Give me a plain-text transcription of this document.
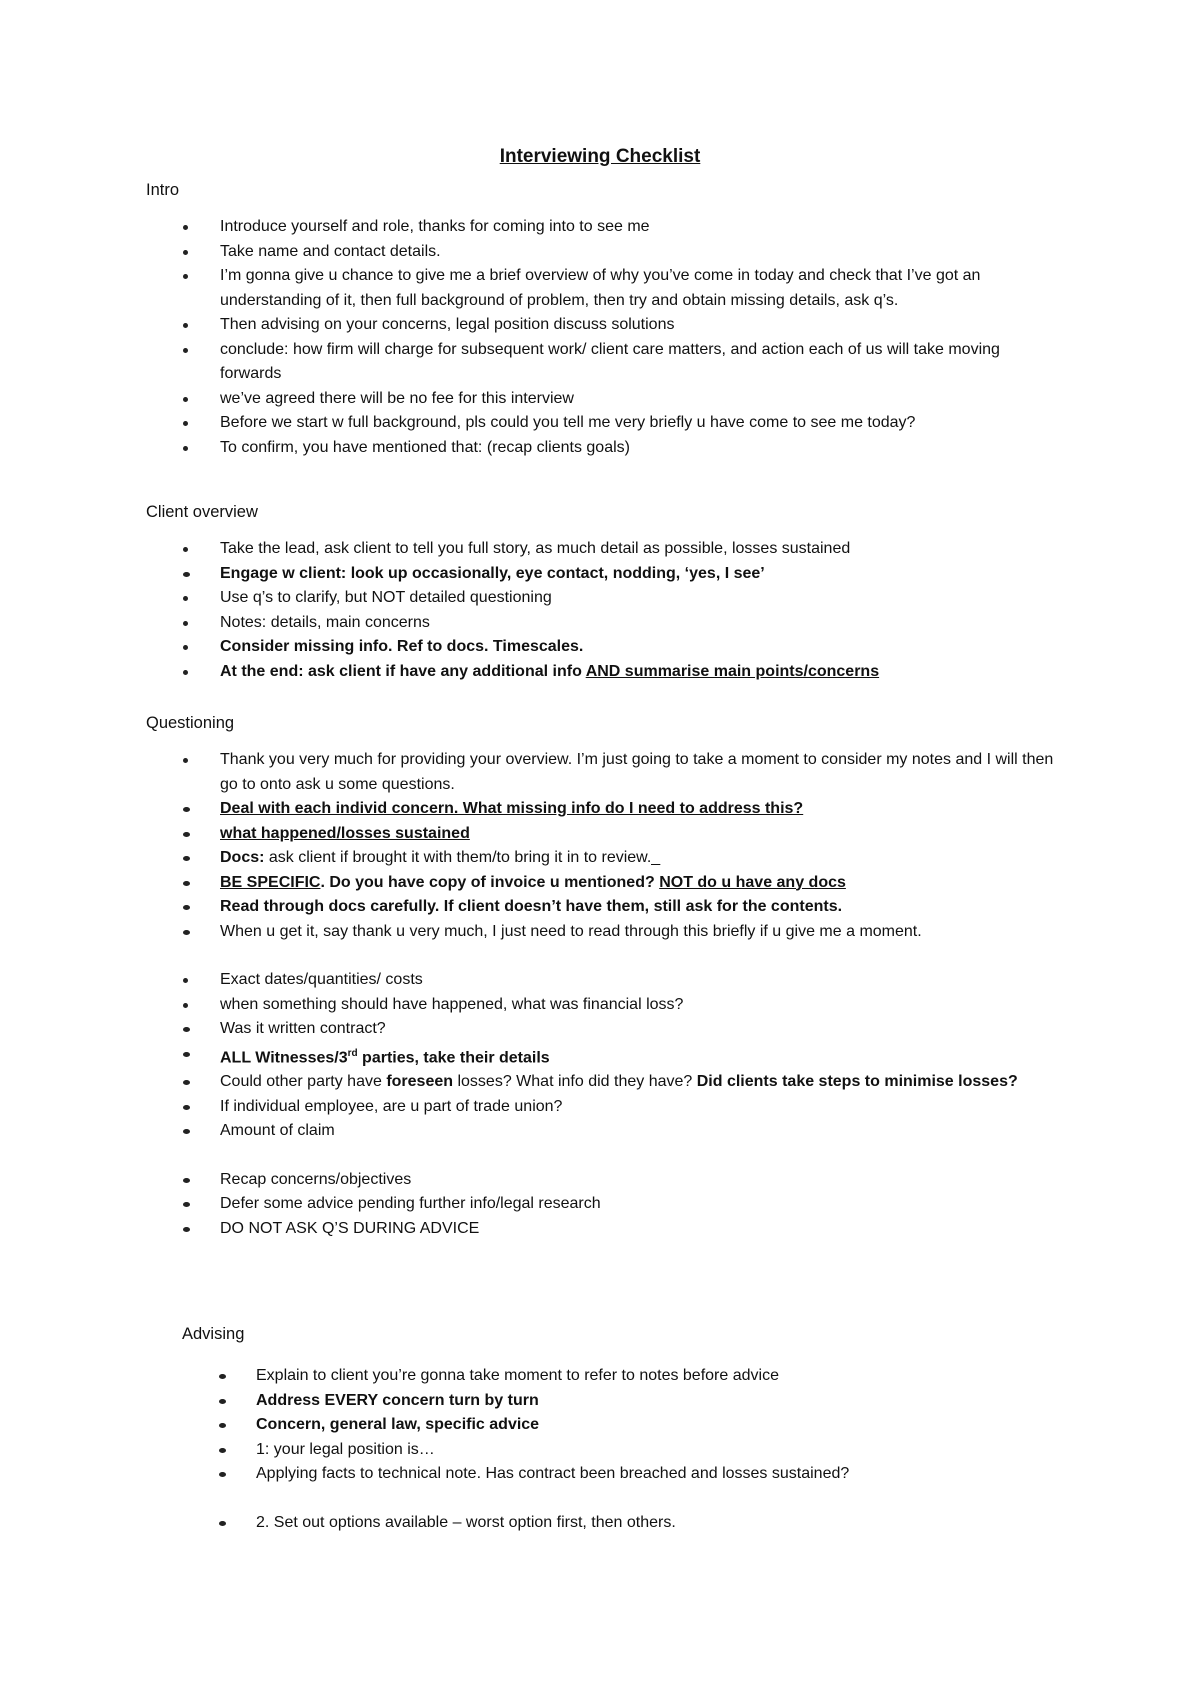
Interviewing Checklist
Intro
Introduce yourself and role, thanks for coming into to see me
Take name and contact details.
I’m gonna give u chance to give me a brief overview of why you’ve come in today and check that I’ve got an understanding of it, then full background of problem, then try and obtain missing details, ask q’s.
Then advising on your concerns, legal position discuss solutions
conclude: how firm will charge for subsequent work/ client care matters, and action each of us will take moving forwards
we’ve agreed there will be no fee for this interview
Before we start w full background, pls could you tell me very briefly u have come to see me today?
To confirm, you have mentioned that: (recap clients goals)
Client overview
Take the lead, ask client to tell you full story, as much detail as possible, losses sustained
Engage w client: look up occasionally, eye contact, nodding, ‘yes, I see’
Use q’s to clarify, but NOT detailed questioning
Notes: details, main concerns
Consider missing info. Ref to docs. Timescales.
At the end: ask client if have any additional info AND summarise main points/concerns
Questioning
Thank you very much for providing your overview. I’m just going to take a moment to consider my notes and I will then go to onto ask u some questions.
Deal with each individ concern. What missing info do I need to address this?
what happened/losses sustained
Docs: ask client if brought it with them/to bring it in to review._
BE SPECIFIC. Do you have copy of invoice u mentioned? NOT do u have any docs
Read through docs carefully. If client doesn’t have them, still ask for the contents.
When u get it, say thank u very much, I just need to read through this briefly if u give me a moment.
Exact dates/quantities/ costs
when something should have happened, what was financial loss?
Was it written contract?
ALL Witnesses/3rd parties, take their details
Could other party have foreseen losses? What info did they have? Did clients take steps to minimise losses?
If individual employee, are u part of trade union?
Amount of claim
Recap concerns/objectives
Defer some advice pending further info/legal research
DO NOT ASK Q’S DURING ADVICE
Advising
Explain to client you’re gonna take moment to refer to notes before advice
Address EVERY concern turn by turn
Concern, general law, specific advice
1: your legal position is…
Applying facts to technical note. Has contract been breached and losses sustained?
2. Set out options available – worst option first, then others.
